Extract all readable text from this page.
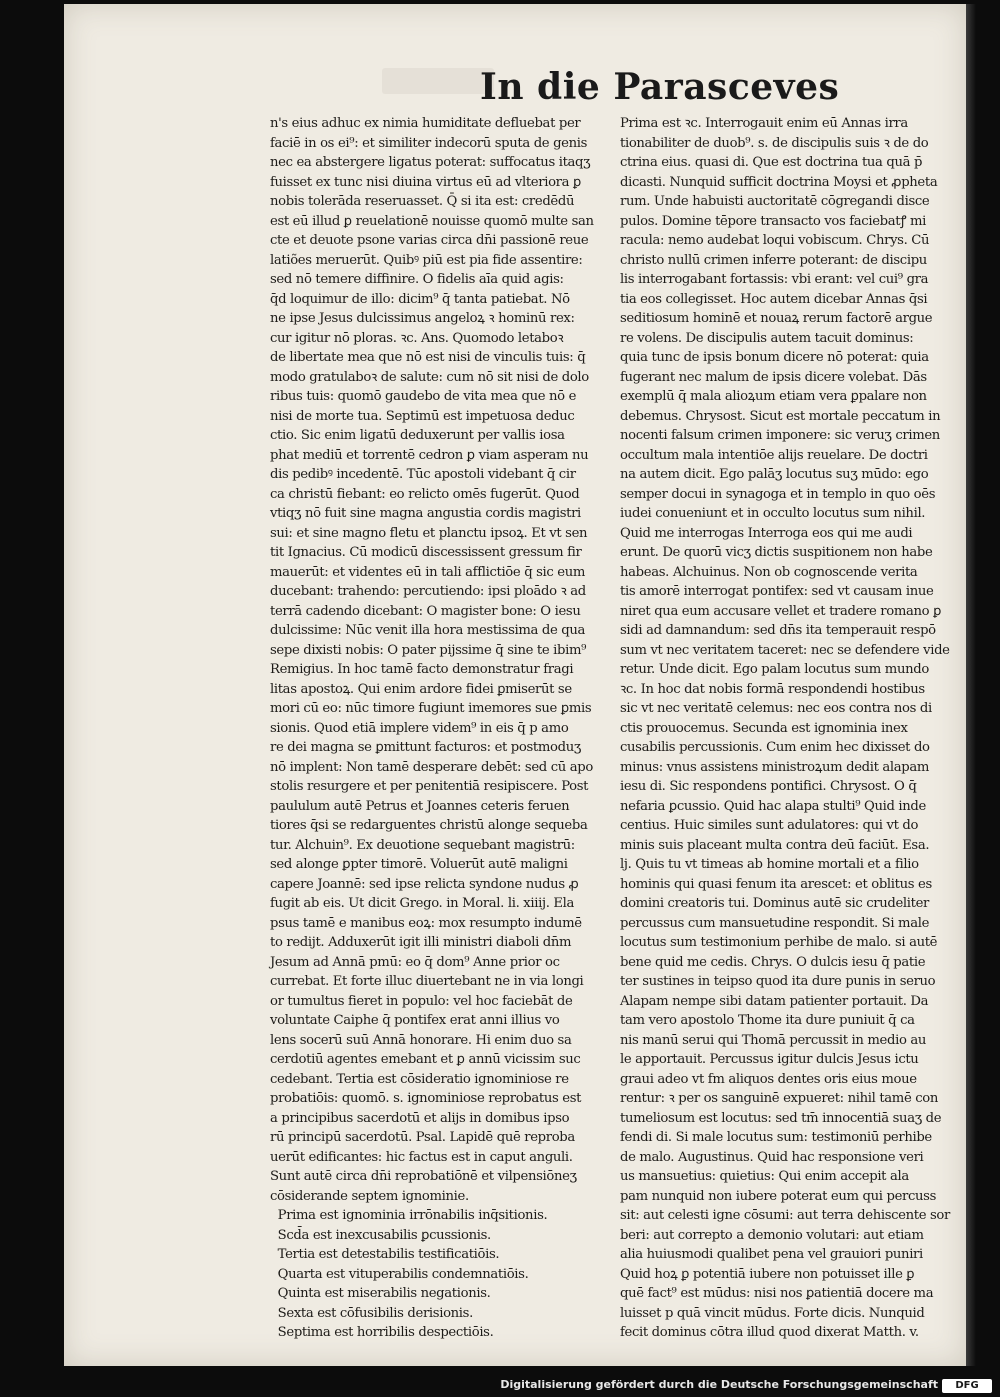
In die Parasceves
n's eius adhuc ex nimia humiditate defluebat per
faciē in os ei⁹: et similiter indecorū sputa de genis
nec ea abstergere ligatus poterat: suffocatus itaqʒ
fuisset ex tunc nisi diuina virtus eū ad vlteriora ꝑ
nobis tolerāda reseruasset. Q̄ si ita est: credēdū
est eū illud ꝑ reuelationē nouisse quomō multe san
cte et deuote psone varias circa dn̄i passionē reue
latiões meruerūt. Quibꝰ piū est pia fide assentire:
sed nō temere diffinire. O fidelis aīa quid agis:
q̄d loquimur de illo: dicim⁹ q̄ tanta patiebat. Nō
ne ipse Jesus dulcissimus angeloꝝ ꝛ hominū rex:
cur igitur nō ploras. ꝛc. Ans. Quomodo letaboꝛ
de libertate mea que nō est nisi de vinculis tuis: q̄
modo gratulaboꝛ de salute: cum nō sit nisi de dolo
ribus tuis: quomō gaudebo de vita mea que nō e
nisi de morte tua. Septimū est impetuosa deduc
ctio. Sic enim ligatū deduxerunt per vallis iosa
phat mediū et torrentē cedron ꝑ viam asperam nu
dis pedibꝰ incedentē. Tūc apostoli videbant q̄ cir
ca christū fiebant: eo relicto omēs fugerūt. Quod
vtiqʒ nō fuit sine magna angustia cordis magistri
sui: et sine magno fletu et planctu ipsoꝝ. Et vt sen
tit Ignacius. Cū modicū discessissent gressum fir
mauerūt: et videntes eū in tali afflictiōe q̄ sic eum
ducebant: trahendo: percutiendo: ipsi ploādo ꝛ ad
terrā cadendo dicebant: O magister bone: O iesu
dulcissime: Nūc venit illa hora mestissima de qua
sepe dixisti nobis: O pater pijssime q̄ sine te ibim⁹
Remigius. In hoc tamē facto demonstratur fragi
litas apostoꝝ. Qui enim ardore fidei ꝑmiserūt se
mori cū eo: nūc timore fugiunt imemores sue ꝑmis
sionis. Quod etiā implere videm⁹ in eis q̄ p amo
re dei magna se ꝑmittunt facturos: et postmoduʒ
nō implent: Non tamē desperare debēt: sed cū apo
stolis resurgere et per penitentiā resipiscere. Post
paululum autē Petrus et Joannes ceteris feruen
tiores q̄si se redarguentes christū alonge sequeba
tur. Alchuin⁹. Ex deuotione sequebant magistrū:
sed alonge ꝑpter timorē. Voluerūt autē maligni
capere Joannē: sed ipse relicta syndone nudus ꝓ
fugit ab eis. Ut dicit Grego. in Moral. li. xiiij. Ela
psus tamē e manibus eoꝝ: mox resumpto indumē
to redijt. Adduxerūt igit illi ministri diaboli dn̄m
Jesum ad Annā pmū: eo q̄ dom⁹ Anne prior oc
currebat. Et forte illuc diuertebant ne in via longi
or tumultus fieret in populo: vel hoc faciebāt de
voluntate Caiphe q̄ pontifex erat anni illius vo
lens socerū suū Annā honorare. Hi enim duo sa
cerdotiū agentes emebant et ꝑ annū vicissim suc
cedebant. Tertia est cōsideratio ignominiose re
probatiōis: quomō. s. ignominiose reprobatus est
a principibus sacerdotū et alijs in domibus ipso
rū principū sacerdotū. Psal. Lapidē quē reproba
uerūt edificantes: hic factus est in caput anguli.
Sunt autē circa dn̄i reprobatiōnē et vilpensiōneʒ
cōsiderande septem ignominie.
Prima est ignominia irrōnabilis inq̄sitionis.
Scd̄a est inexcusabilis ꝑcussionis.
Tertia est detestabilis testificatiōis.
Quarta est vituperabilis condemnatiōis.
Quinta est miserabilis negationis.
Sexta est cōfusibilis derisionis.
Septima est horribilis despectiōis.
Prima est ꝛc. Interrogauit enim eū Annas irra
tionabiliter de duob⁹. s. de discipulis suis ꝛ de do
ctrina eius. quasi di. Que est doctrina tua quā p̄
dicasti. Nunquid sufficit doctrina Moysi et ꝓpheta
rum. Unde habuisti auctoritatē cōgregandi disce
pulos. Domine tēpore transacto vos faciebatꝭ mi
racula: nemo audebat loqui vobiscum. Chrys. Cū
christo nullū crimen inferre poterant: de discipu
lis interrogabant fortassis: vbi erant: vel cui⁹ gra
tia eos collegisset. Hoc autem dicebar Annas q̄si
seditiosum hominē et nouaꝝ rerum factorē argue
re volens. De discipulis autem tacuit dominus:
quia tunc de ipsis bonum dicere nō poterat: quia
fugerant nec malum de ipsis dicere volebat. Dās
exemplū q̄ mala alioꝝum etiam vera ꝑpalare non
debemus. Chrysost. Sicut est mortale peccatum in
nocenti falsum crimen imponere: sic veruʒ crimen
occultum mala intentiōe alijs reuelare. De doctri
na autem dicit. Ego palāʒ locutus suʒ mūdo: ego
semper docui in synagoga et in templo in quo oēs
iudei conueniunt et in occulto locutus sum nihil.
Quid me interrogas Interroga eos qui me audi
erunt. De quorū vicʒ dictis suspitionem non habe
habeas. Alchuinus. Non ob cognoscende verita
tis amorē interrogat pontifex: sed vt causam inue
niret qua eum accusare vellet et tradere romano ꝑ
sidi ad damnandum: sed dn̄s ita temperauit respō
sum vt nec veritatem taceret: nec se defendere vide
retur. Unde dicit. Ego palam locutus sum mundo
ꝛc. In hoc dat nobis formā respondendi hostibus
sic vt nec veritatē celemus: nec eos contra nos di
ctis prouocemus. Secunda est ignominia inex
cusabilis percussionis. Cum enim hec dixisset do
minus: vnus assistens ministroꝝum dedit alapam
iesu di. Sic respondens pontifici. Chrysost. O q̄
nefaria ꝑcussio. Quid hac alapa stulti⁹ Quid inde
centius. Huic similes sunt adulatores: qui vt do
minis suis placeant multa contra deū faciūt. Esa.
lj. Quis tu vt timeas ab homine mortali et a filio
hominis qui quasi fenum ita arescet: et oblitus es
domini creatoris tui. Dominus autē sic crudeliter
percussus cum mansuetudine respondit. Si male
locutus sum testimonium perhibe de malo. si autē
bene quid me cedis. Chrys. O dulcis iesu q̄ patie
ter sustines in teipso quod ita dure punis in seruo
Alapam nempe sibi datam patienter portauit. Da
tam vero apostolo Thome ita dure puniuit q̄ ca
nis manū serui qui Thomā percussit in medio au
le apportauit. Percussus igitur dulcis Jesus ictu
graui adeo vt fm aliquos dentes oris eius moue
rentur: ꝛ per os sanguinē expueret: nihil tamē con
tumeliosum est locutus: sed tm̄ innocentiā suaʒ de
fendi di. Si male locutus sum: testimoniū perhibe
de malo. Augustinus. Quid hac responsione veri
us mansuetius: quietius: Qui enim accepit ala
pam nunquid non iubere poterat eum qui percuss
sit: aut celesti igne cōsumi: aut terra dehiscente sor
beri: aut correpto a demonio volutari: aut etiam
alia huiusmodi qualibet pena vel grauiori puniri
Quid hoꝝ ꝑ potentiā iubere non potuisset ille ꝑ
quē fact⁹ est mūdus: nisi nos ꝑatientiā docere ma
luisset p quā vincit mūdus. Forte dicis. Nunquid
fecit dominus cōtra illud quod dixerat Matth. v.
Digitalisierung gefördert durch die Deutsche Forschungsgemeinschaft	DFG
